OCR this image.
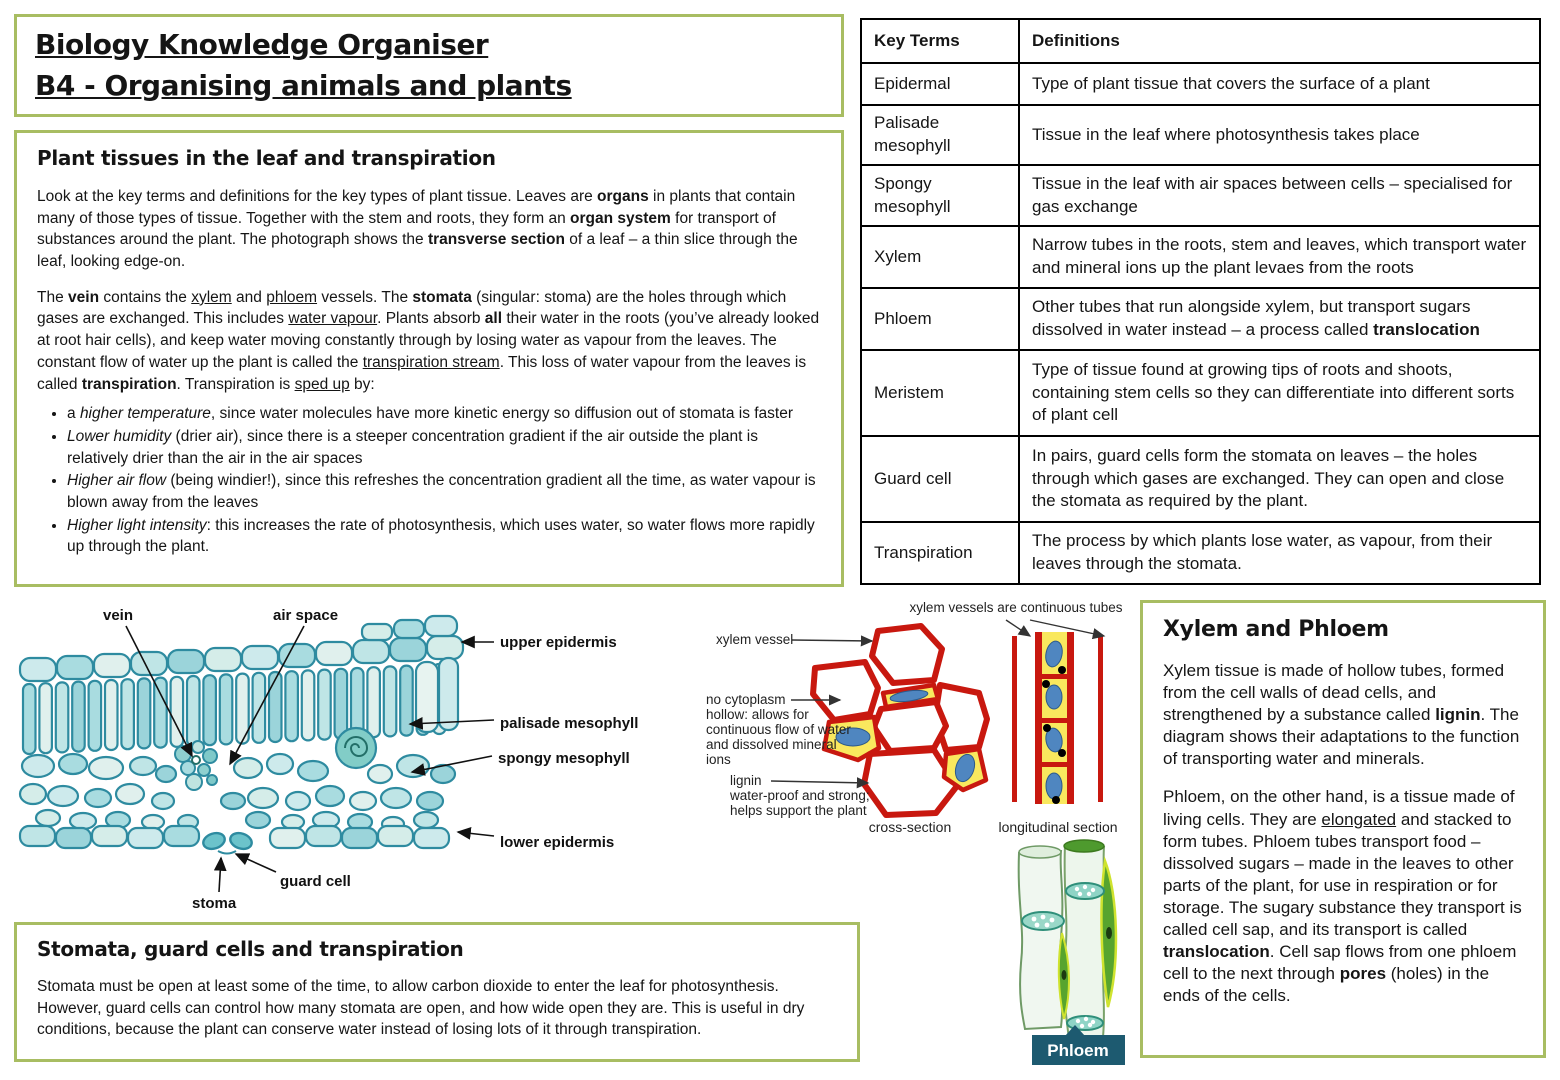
Biology Knowledge Organiser
B4 - Organising animals and plants
Plant tissues in the leaf and transpiration

Look at the key terms and definitions for the key types of plant tissue. Leaves are organs in plants that contain many of those types of tissue. Together with the stem and roots, they form an organ system for transport of substances around the plant. The photograph shows the transverse section of a leaf – a thin slice through the leaf, looking edge-on.

The vein contains the xylem and phloem vessels. The stomata (singular: stoma) are the holes through which gases are exchanged. This includes water vapour. Plants absorb all their water in the roots (you’ve already looked at root hair cells), and keep water moving constantly through by losing water as vapour from the leaves. The constant flow of water up the plant is called the transpiration stream. This loss of water vapour from the leaves is called transpiration. Transpiration is sped up by:

• a higher temperature, since water molecules have more kinetic energy so diffusion out of stomata is faster
• Lower humidity (drier air), since there is a steeper concentration gradient if the air outside the plant is relatively drier than the air in the air spaces
• Higher air flow (being windier!), since this refreshes the concentration gradient all the time, as water vapour is blown away from the leaves
• Higher light intensity: this increases the rate of photosynthesis, which uses water, so water flows more rapidly up through the plant.
Key Terms	Definitions
Epidermal	Type of plant tissue that covers the surface of a plant
Palisade mesophyll	Tissue in the leaf where photosynthesis takes place
Spongy mesophyll	Tissue in the leaf with air spaces between cells – specialised for gas exchange
Xylem	Narrow tubes in the roots, stem and leaves, which transport water and mineral ions up the plant levaes from the roots
Phloem	Other tubes that run alongside xylem, but transport sugars dissolved in water instead – a process called translocation
Meristem	Type of tissue found at growing tips of roots and shoots, containing stem cells so they can differentiate into different sorts of plant cell
Guard cell	In pairs, guard cells form the stomata on leaves – the holes through which gases are exchanged. They can open and close the stomata as required by the plant.
Transpiration	The process by which plants lose water, as vapour, from their leaves through the stomata.
vein	air space
upper epidermis
palisade mesophyll
spongy mesophyll
lower epidermis
guard cell
stoma
xylem vessels are continuous tubes
xylem vessel
no cytoplasm
hollow: allows for
continuous flow of water
and dissolved mineral
ions
lignin
water-proof and strong;
helps support the plant
cross-section	longitudinal section
Phloem
Xylem and Phloem

Xylem tissue is made of hollow tubes, formed from the cell walls of dead cells, and strengthened by a substance called lignin. The diagram shows their adaptations to the function of transporting water and minerals.

Phloem, on the other hand, is a tissue made of living cells. They are elongated and stacked to form tubes. Phloem tubes transport food – dissolved sugars – made in the leaves to other parts of the plant, for use in respiration or for storage. The sugary substance they transport is called cell sap, and its transport is called translocation. Cell sap flows from one phloem cell to the next through pores (holes) in the ends of the cells.

Stomata, guard cells and transpiration

Stomata must be open at least some of the time, to allow carbon dioxide to enter the leaf for photosynthesis. However, guard cells can control how many stomata are open, and how wide open they are. This is useful in dry conditions, because the plant can conserve water instead of losing lots of it through transpiration.
